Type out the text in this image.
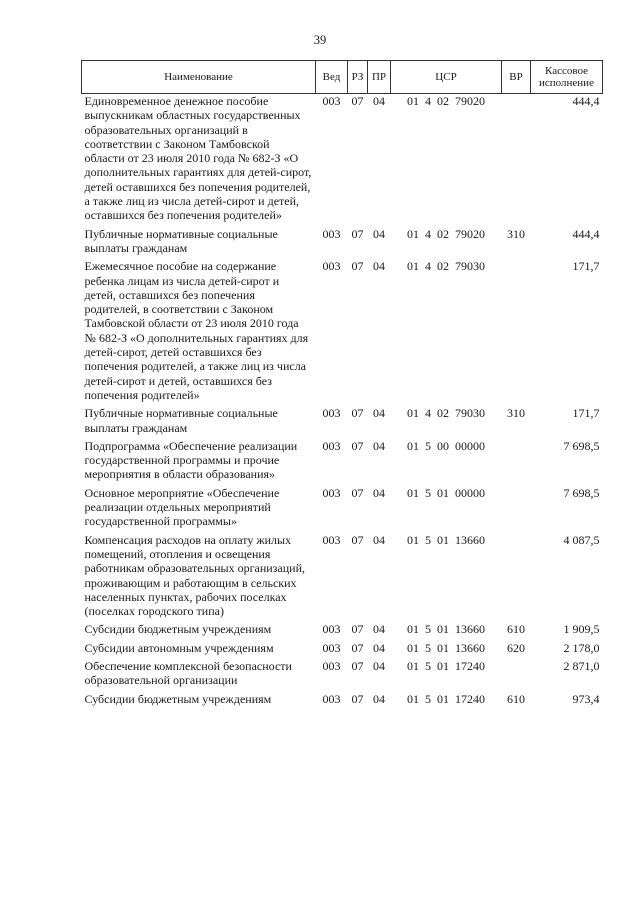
39
Наименование	Вед	РЗ	ПР	ЦСР	ВР	Кассовое исполнение
Единовременное денежное пособие выпускникам областных государственных образовательных организаций в соответствии с Законом Тамбовской области от 23 июля 2010 года № 682-З «О дополнительных гарантиях для детей-сирот, детей оставшихся без попечения родителей, а также лиц из числа детей-сирот и детей, оставшихся без попечения родителей»	003	07	04	01 4 02 79020		444,4
Публичные нормативные социальные выплаты гражданам	003	07	04	01 4 02 79020	310	444,4
Ежемесячное пособие на содержание ребенка лицам из числа детей-сирот и детей, оставшихся без попечения родителей, в соответствии с Законом Тамбовской области от 23 июля 2010 года № 682-З «О дополнительных гарантиях для детей-сирот, детей оставшихся без попечения родителей, а также лиц из числа детей-сирот и детей, оставшихся без попечения родителей»	003	07	04	01 4 02 79030		171,7
Публичные нормативные социальные выплаты гражданам	003	07	04	01 4 02 79030	310	171,7
Подпрограмма «Обеспечение реализации государственной программы и прочие мероприятия в области образования»	003	07	04	01 5 00 00000		7 698,5
Основное мероприятие «Обеспечение реализации отдельных мероприятий государственной программы»	003	07	04	01 5 01 00000		7 698,5
Компенсация расходов на оплату жилых помещений, отопления и освещения работникам образовательных организаций, проживающим и работающим в сельских населенных пунктах, рабочих поселках (поселках городского типа)	003	07	04	01 5 01 13660		4 087,5
Субсидии бюджетным учреждениям	003	07	04	01 5 01 13660	610	1 909,5
Субсидии автономным учреждениям	003	07	04	01 5 01 13660	620	2 178,0
Обеспечение комплексной безопасности образовательной организации	003	07	04	01 5 01 17240		2 871,0
Субсидии бюджетным учреждениям	003	07	04	01 5 01 17240	610	973,4
